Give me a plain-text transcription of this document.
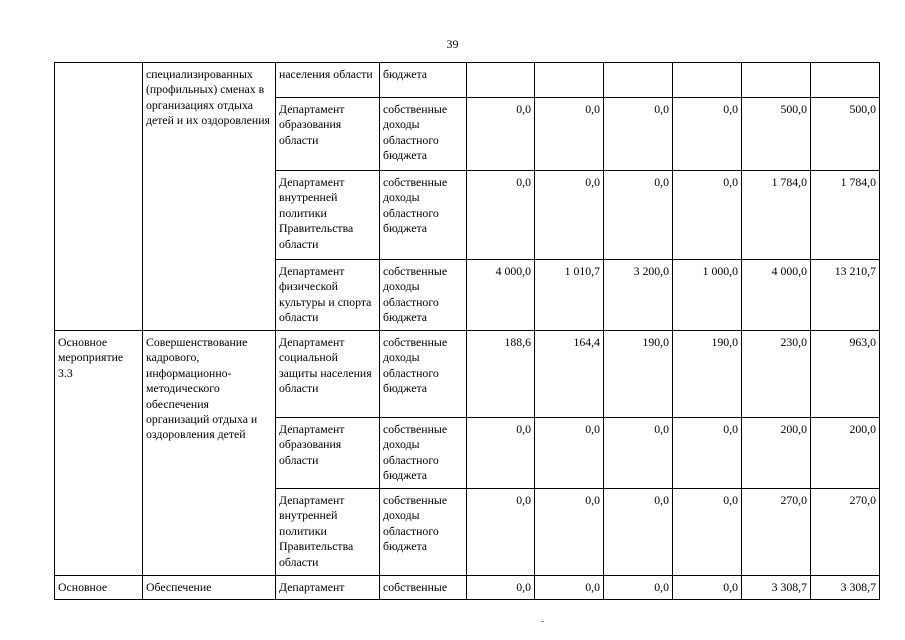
39
	специализированных (профильных) сменах в организациях отдыха детей и их оздоровления	населения области	бюджета						
		Департамент образования области	собственные доходы областного бюджета	0,0	0,0	0,0	0,0	500,0	500,0
		Департамент внутренней политики Правительства области	собственные доходы областного бюджета	0,0	0,0	0,0	0,0	1 784,0	1 784,0
		Департамент физической культуры и спорта области	собственные доходы областного бюджета	4 000,0	1 010,7	3 200,0	1 000,0	4 000,0	13 210,7
Основное мероприятие 3.3	Совершенствование кадрового, информационно-методического обеспечения организаций отдыха и оздоровления детей	Департамент социальной защиты населения области	собственные доходы областного бюджета	188,6	164,4	190,0	190,0	230,0	963,0
		Департамент образования области	собственные доходы областного бюджета	0,0	0,0	0,0	0,0	200,0	200,0
		Департамент внутренней политики Правительства области	собственные доходы областного бюджета	0,0	0,0	0,0	0,0	270,0	270,0
Основное	Обеспечение	Департамент	собственные	0,0	0,0	0,0	0,0	3 308,7	3 308,7
